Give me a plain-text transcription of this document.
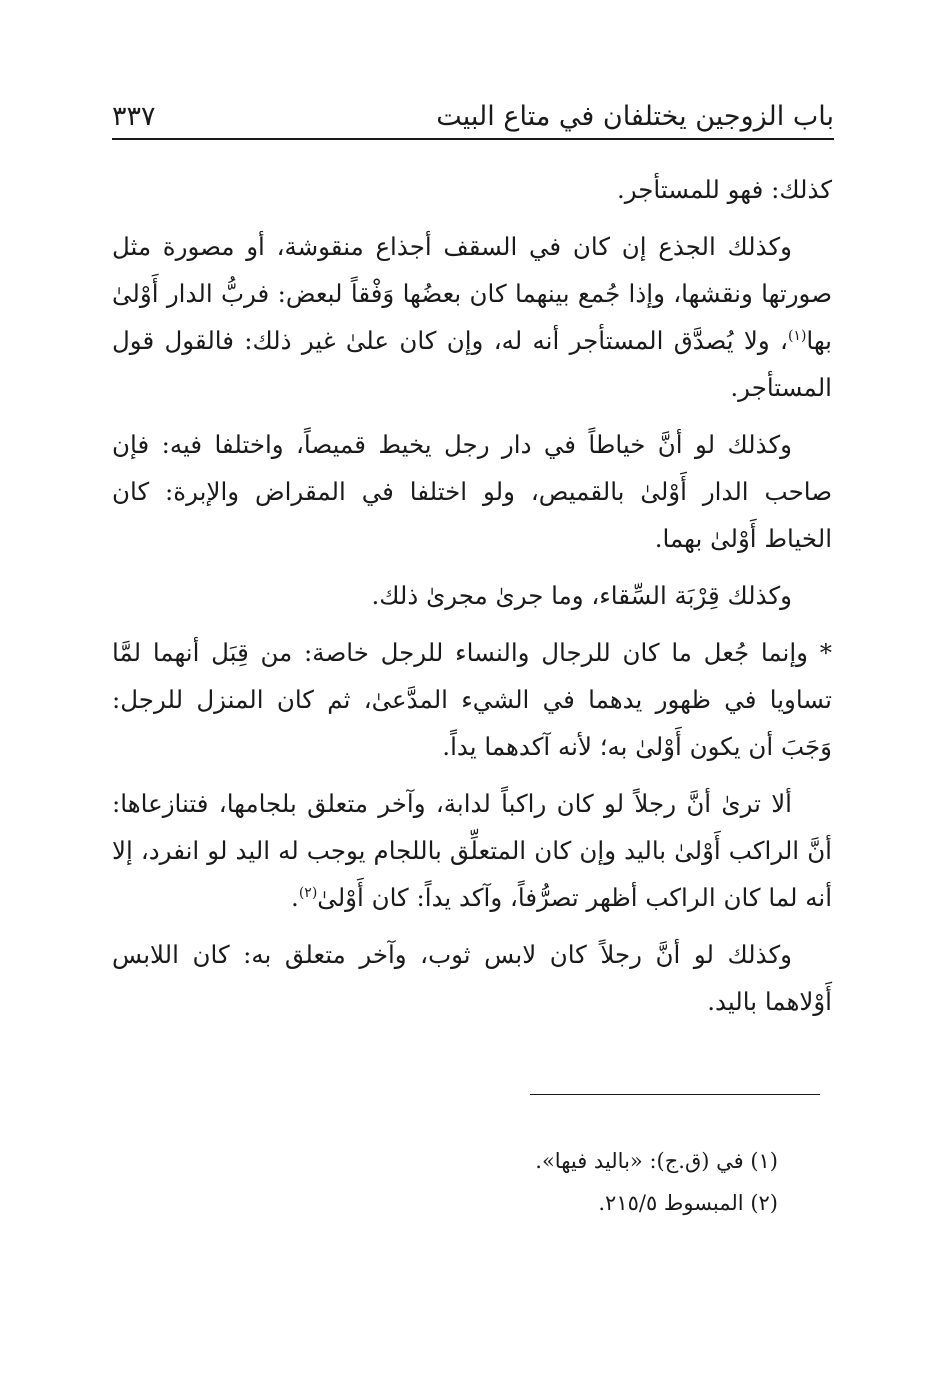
باب الزوجين يختلفان في متاع البيت
٣٣٧

كذلك: فهو للمستأجر.

وكذلك الجذع إن كان في السقف أجذاع منقوشة، أو مصورة مثل صورتها ونقشها، وإذا جُمع بينهما كان بعضُها وَفْقاً لبعض: فربُّ الدار أَوْلىٰ بها$^{(١)}$، ولا يُصدَّق المستأجر أنه له، وإن كان علىٰ غير ذلك: فالقول قول المستأجر.

وكذلك لو أنَّ خياطاً في دار رجل يخيط قميصاً، واختلفا فيه: فإن صاحب الدار أَوْلىٰ بالقميص، ولو اختلفا في المقراض والإبرة: كان الخياط أَوْلىٰ بهما.

وكذلك قِرْبَة السِّقاء، وما جرىٰ مجرىٰ ذلك.

* وإنما جُعل ما كان للرجال والنساء للرجل خاصة: من قِبَل أنهما لمَّا تساويا في ظهور يدهما في الشيء المدَّعىٰ، ثم كان المنزل للرجل: وَجَبَ أن يكون أَوْلىٰ به؛ لأنه آكدهما يداً.

ألا ترىٰ أنَّ رجلاً لو كان راكباً لدابة، وآخر متعلق بلجامها، فتنازعاها: أنَّ الراكب أَوْلىٰ باليد وإن كان المتعلِّق باللجام يوجب له اليد لو انفرد، إلا أنه لما كان الراكب أظهر تصرُّفاً، وآكد يداً: كان أَوْلىٰ$^{(٢)}$.

وكذلك لو أنَّ رجلاً كان لابس ثوب، وآخر متعلق به: كان اللابس أَوْلاهما باليد.

(١) في (ق.ج): «باليد فيها».
(٢) المبسوط ٢١٥/٥.
